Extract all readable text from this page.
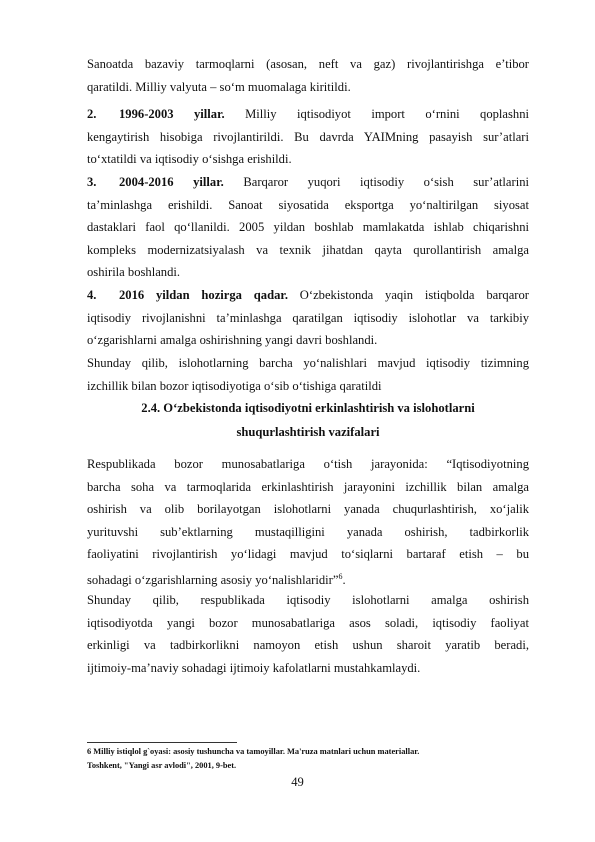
Sanoatda bazaviy tarmoqlarni (asosan, neft va gaz) rivojlantirishga e’tibor

qaratildi. Milliy valyuta – so‘m muomalaga kiritildi.

2.	1996-2003 yillar. Milliy iqtisodiyot import o‘rnini qoplashni

kengaytirish hisobiga rivojlantirildi. Bu davrda YAIMning pasayish sur’atlari

to‘xtatildi va iqtisodiy o‘sishga erishildi.

3.	2004-2016 yillar. Barqaror yuqori iqtisodiy o‘sish sur’atlarini

ta’minlashga erishildi. Sanoat siyosatida eksportga yo‘naltirilgan siyosat

dastaklari faol qo‘llanildi. 2005 yildan boshlab mamlakatda ishlab chiqarishni

kompleks modernizatsiyalash va texnik jihatdan qayta qurollantirish amalga

oshirila boshlandi.

4.	2016 yildan hozirga qadar. O‘zbekistonda yaqin istiqbolda barqaror

iqtisodiy rivojlanishni ta’minlashga qaratilgan iqtisodiy islohotlar va tarkibiy

o‘zgarishlarni amalga oshirishning yangi davri boshlandi.

Shunday qilib, islohotlarning barcha yo‘nalishlari mavjud iqtisodiy tizimning

izchillik bilan bozor iqtisodiyotiga o‘sib o‘tishiga qaratildi

2.4. O‘zbekistonda iqtisodiyotni erkinlashtirish va islohotlarni
shuqurlashtirish vazifalari

Respublikada bozor munosabatlariga o‘tish jarayonida: “Iqtisodiyotning

barcha soha va tarmoqlarida erkinlashtirish jarayonini izchillik bilan amalga

oshirish va olib borilayotgan islohotlarni yanada chuqurlashtirish, xo‘jalik

yurituvshi sub’ektlarning mustaqilligini yanada oshirish, tadbirkorlik

faoliyatini rivojlantirish yo‘lidagi mavjud to‘siqlarni bartaraf etish – bu

sohadagi o‘zgarishlarning asosiy yo‘nalishlaridir”$^6$.

Shunday qilib, respublikada iqtisodiy islohotlarni amalga oshirish

iqtisodiyotda yangi bozor munosabatlariga asos soladi, iqtisodiy faoliyat

erkinligi va tadbirkorlikni namoyon etish ushun sharoit yaratib beradi,

ijtimoiy-ma’naviy sohadagi ijtimoiy kafolatlarni mustahkamlaydi.

6 Milliy istiqlol g`oyasi: asosiy tushuncha va tamoyillar. Ma'ruza matnlari uchun materiallar.
Toshkent, "Yangi asr avlodi", 2001, 9-bet.
49
